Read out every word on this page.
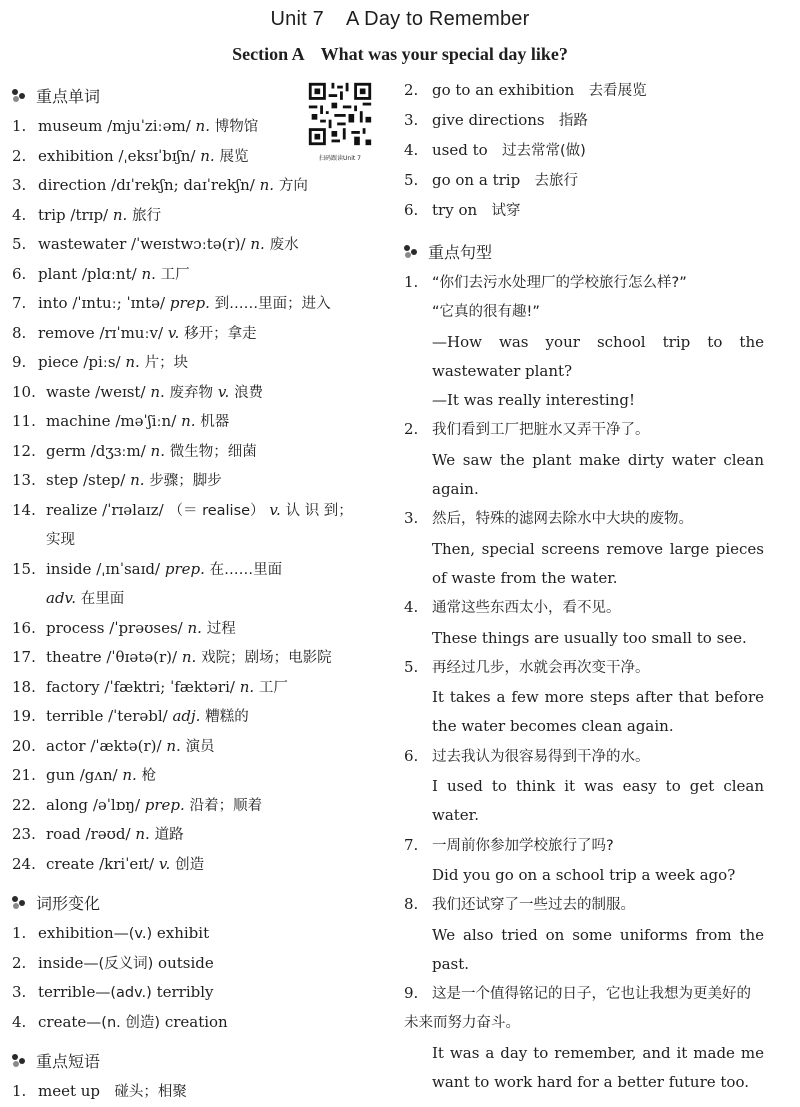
Unit 7 A Day to Remember
Section A What was your special day like?
扫码跟读Unit 7
重点单词
1. museum /mjuˈziːəm/ n. 博物馆
2. exhibition /ˌeksɪˈbɪʃn/ n. 展览
3. direction /dɪˈrekʃn; daɪˈrekʃn/ n. 方向
4. trip /trɪp/ n. 旅行
5. wastewater /ˈweɪstwɔːtə(r)/ n. 废水
6. plant /plɑːnt/ n. 工厂
7. into /ˈɪntuː; ˈɪntə/ prep. 到……里面；进入
8. remove /rɪˈmuːv/ v. 移开；拿走
9. piece /piːs/ n. 片；块
10. waste /weɪst/ n. 废弃物 v. 浪费
11. machine /məˈʃiːn/ n. 机器
12. germ /dʒɜːm/ n. 微生物；细菌
13. step /step/ n. 步骤；脚步
14. realize /ˈrɪəlaɪz/ （＝ realise） v. 认 识 到；
实现
15. inside /ˌɪnˈsaɪd/ prep. 在……里面
adv. 在里面
16. process /ˈprəʊses/ n. 过程
17. theatre /ˈθɪətə(r)/ n. 戏院；剧场；电影院
18. factory /ˈfæktri; ˈfæktəri/ n. 工厂
19. terrible /ˈterəbl/ adj. 糟糕的
20. actor /ˈæktə(r)/ n. 演员
21. gun /gʌn/ n. 枪
22. along /əˈlɒŋ/ prep. 沿着；顺着
23. road /rəʊd/ n. 道路
24. create /kriˈeɪt/ v. 创造
词形变化
1. exhibition—(v.) exhibit
2. inside—(反义词) outside
3. terrible—(adv.) terribly
4. create—(n. 创造) creation
重点短语
1. meet up 碰头；相聚
2. go to an exhibition 去看展览
3. give directions 指路
4. used to 过去常常(做)
5. go on a trip 去旅行
6. try on 试穿
重点句型
1. “你们去污水处理厂的学校旅行怎么样?”
“它真的很有趣!”
—How was your school trip to the wastewater plant?
—It was really interesting!
2. 我们看到工厂把脏水又弄干净了。
We saw the plant make dirty water clean again.
3. 然后，特殊的滤网去除水中大块的废物。
Then, special screens remove large pieces of waste from the water.
4. 通常这些东西太小，看不见。
These things are usually too small to see.
5. 再经过几步，水就会再次变干净。
It takes a few more steps after that before the water becomes clean again.
6. 过去我认为很容易得到干净的水。
I used to think it was easy to get clean water.
7. 一周前你参加学校旅行了吗?
Did you go on a school trip a week ago?
8. 我们还试穿了一些过去的制服。
We also tried on some uniforms from the past.
9. 这是一个值得铭记的日子，它也让我想为更美好的未来而努力奋斗。
It was a day to remember, and it made me want to work hard for a better future too.
